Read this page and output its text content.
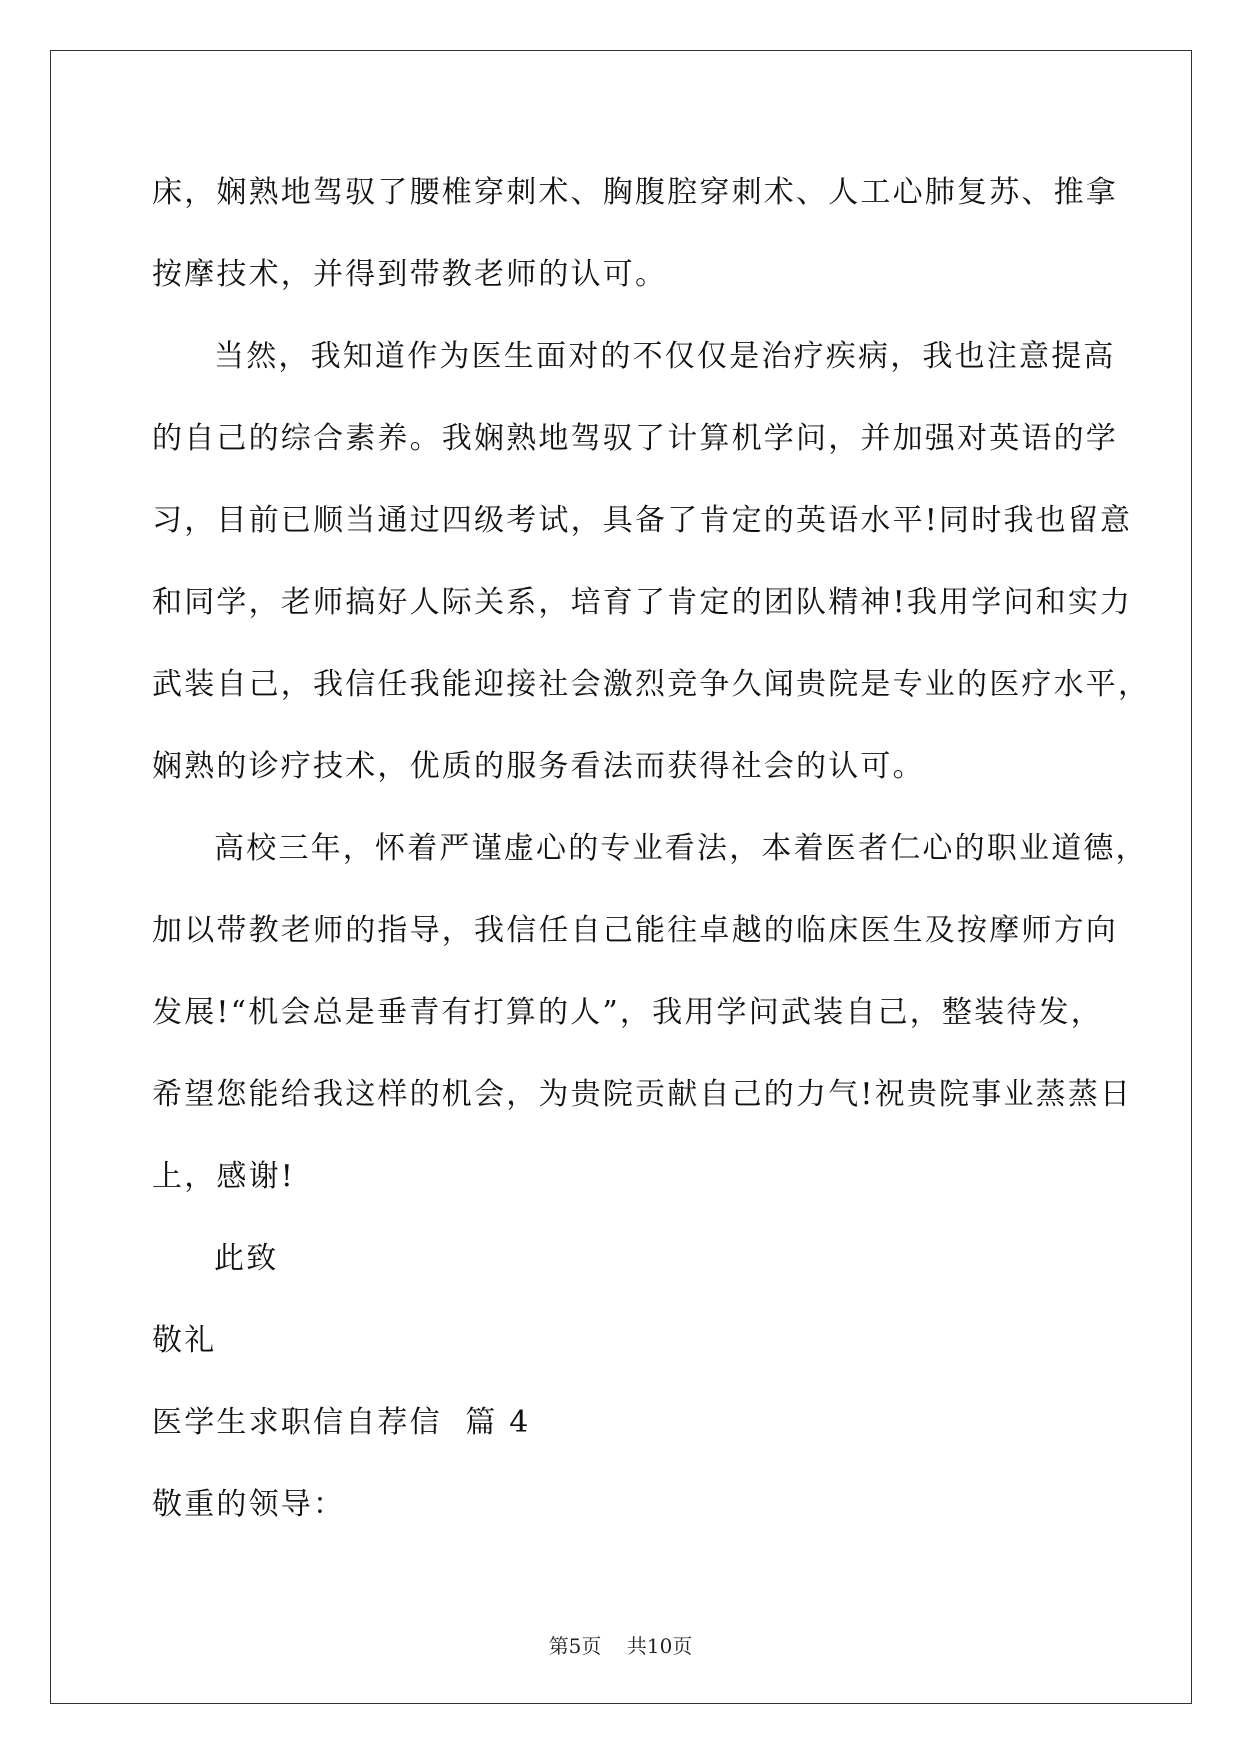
床，娴熟地驾驭了腰椎穿刺术、胸腹腔穿刺术、人工心肺复苏、推拿
按摩技术，并得到带教老师的认可。
当然，我知道作为医生面对的不仅仅是治疗疾病，我也注意提高
的自己的综合素养。我娴熟地驾驭了计算机学问，并加强对英语的学
习，目前已顺当通过四级考试，具备了肯定的英语水平!同时我也留意
和同学，老师搞好人际关系，培育了肯定的团队精神!我用学问和实力
武装自己，我信任我能迎接社会激烈竞争久闻贵院是专业的医疗水平，
娴熟的诊疗技术，优质的服务看法而获得社会的认可。
高校三年，怀着严谨虚心的专业看法，本着医者仁心的职业道德，
加以带教老师的指导，我信任自己能往卓越的临床医生及按摩师方向
发展!“机会总是垂青有打算的人”，我用学问武装自己，整装待发，
希望您能给我这样的机会，为贵院贡献自己的力气!祝贵院事业蒸蒸日
上，感谢!
此致
敬礼
医学生求职信自荐信  篇 4
敬重的领导：
第5页    共10页
